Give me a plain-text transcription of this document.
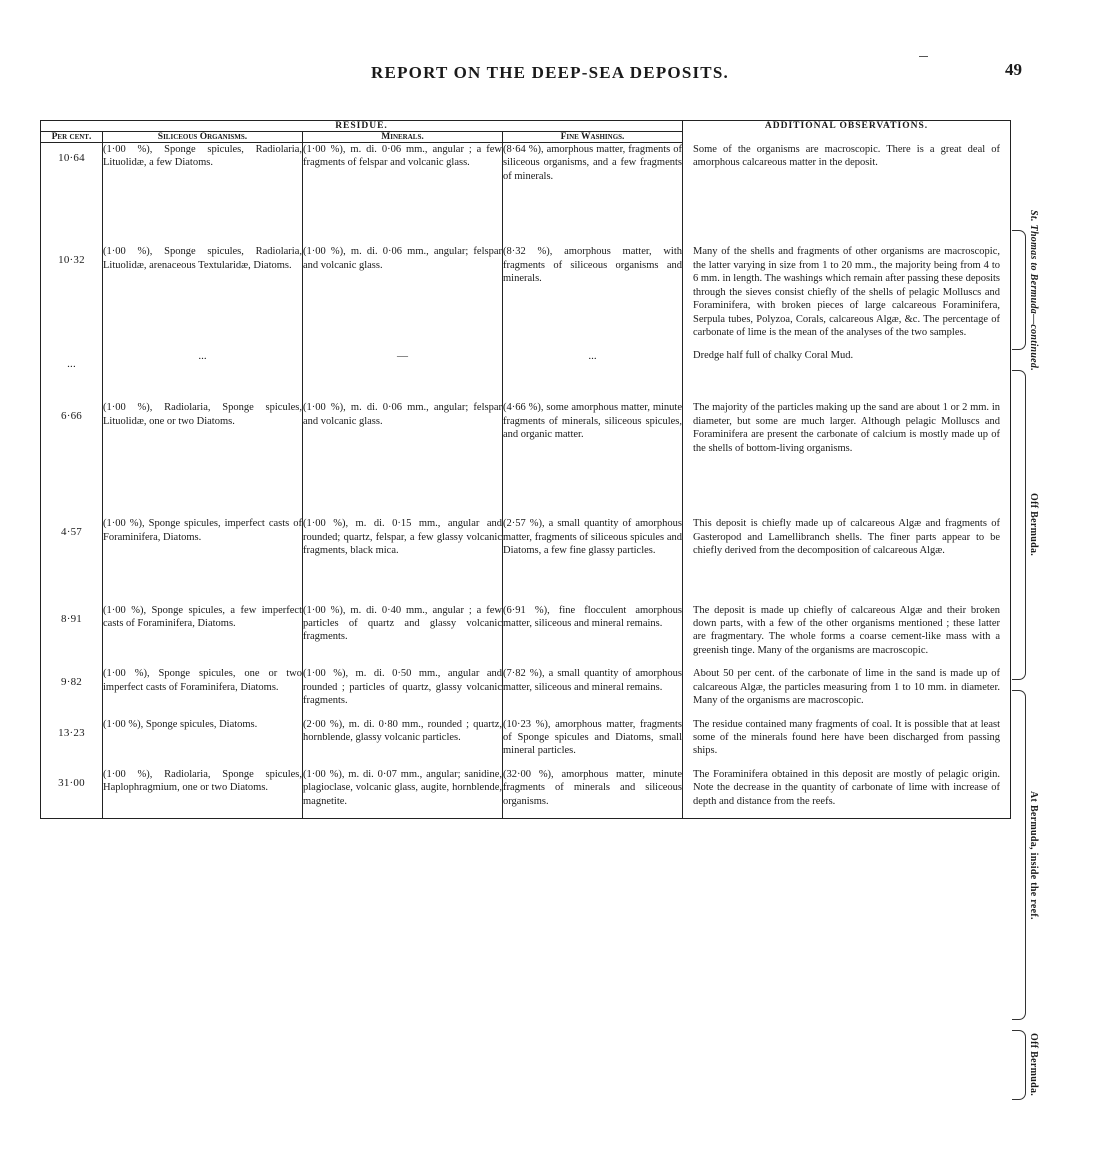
REPORT ON THE DEEP-SEA DEPOSITS.	49
RESIDUE.				ADDITIONAL OBSERVATIONS.
Per cent.	Siliceous Organisms.	Minerals.	Fine Washings.	
10·64	(1·00 %), Sponge spicules, Radiolaria, Lituolidæ, a few Diatoms.	(1·00 %), m. di. 0·06 mm., angular ; a few fragments of felspar and volcanic glass.	(8·64 %), amorphous matter, fragments of siliceous organisms, and a few fragments of minerals.	Some of the organisms are macroscopic. There is a great deal of amorphous calcareous matter in the deposit.
10·32	(1·00 %), Sponge spicules, Radiolaria, Lituolidæ, arenaceous Textularidæ, Diatoms.	(1·00 %), m. di. 0·06 mm., angular; felspar and volcanic glass.	(8·32 %), amorphous matter, with fragments of siliceous organisms and minerals.	Many of the shells and fragments of other organisms are macroscopic, the latter varying in size from 1 to 20 mm., the majority being from 4 to 6 mm. in length. The washings which remain after passing these deposits through the sieves consist chiefly of the shells of pelagic Molluscs and Foraminifera, with broken pieces of large calcareous Foraminifera, Serpula tubes, Polyzoa, Corals, calcareous Algæ, &c. The percentage of carbonate of lime is the mean of the analyses of the two samples.
...	...	—	...	Dredge half full of chalky Coral Mud.
6·66	(1·00 %), Radiolaria, Sponge spicules, Lituolidæ, one or two Diatoms.	(1·00 %), m. di. 0·06 mm., angular; felspar and volcanic glass.	(4·66 %), some amorphous matter, minute fragments of minerals, siliceous spicules, and organic matter.	The majority of the particles making up the sand are about 1 or 2 mm. in diameter, but some are much larger. Although pelagic Molluscs and Foraminifera are present the carbonate of calcium is mostly made up of the shells of bottom-living organisms.
4·57	(1·00 %), Sponge spicules, imperfect casts of Foraminifera, Diatoms.	(1·00 %), m. di. 0·15 mm., angular and rounded; quartz, felspar, a few glassy volcanic fragments, black mica.	(2·57 %), a small quantity of amorphous matter, fragments of siliceous spicules and Diatoms, a few fine glassy particles.	This deposit is chiefly made up of calcareous Algæ and fragments of Gasteropod and Lamellibranch shells. The finer parts appear to be chiefly derived from the decomposition of calcareous Algæ.
8·91	(1·00 %), Sponge spicules, a few imperfect casts of Foraminifera, Diatoms.	(1·00 %), m. di. 0·40 mm., angular ; a few particles of quartz and glassy volcanic fragments.	(6·91 %), fine flocculent amorphous matter, siliceous and mineral remains.	The deposit is made up chiefly of calcareous Algæ and their broken down parts, with a few of the other organisms mentioned ; these latter are fragmentary. The whole forms a coarse cement-like mass with a greenish tinge. Many of the organisms are macroscopic.
9·82	(1·00 %), Sponge spicules, one or two imperfect casts of Foraminifera, Diatoms.	(1·00 %), m. di. 0·50 mm., angular and rounded ; particles of quartz, glassy volcanic fragments.	(7·82 %), a small quantity of amorphous matter, siliceous and mineral remains.	About 50 per cent. of the carbonate of lime in the sand is made up of calcareous Algæ, the particles measuring from 1 to 10 mm. in diameter. Many of the organisms are macroscopic.
13·23	(1·00 %), Sponge spicules, Diatoms.	(2·00 %), m. di. 0·80 mm., rounded ; quartz, hornblende, glassy volcanic particles.	(10·23 %), amorphous matter, fragments of Sponge spicules and Diatoms, small mineral particles.	The residue contained many fragments of coal. It is possible that at least some of the minerals found here have been discharged from passing ships.
31·00	(1·00 %), Radiolaria, Sponge spicules, Haplophragmium, one or two Diatoms.	(1·00 %), m. di. 0·07 mm., angular; sanidine, plagioclase, volcanic glass, augite, hornblende, magnetite.	(32·00 %), amorphous matter, minute fragments of minerals and siliceous organisms.	The Foraminifera obtained in this deposit are mostly of pelagic origin. Note the decrease in the quantity of carbonate of lime with increase of depth and distance from the reefs.
St. Thomas to Bermuda—continued.
Off Bermuda.
At Bermuda, inside the reef.
Off Bermuda.
